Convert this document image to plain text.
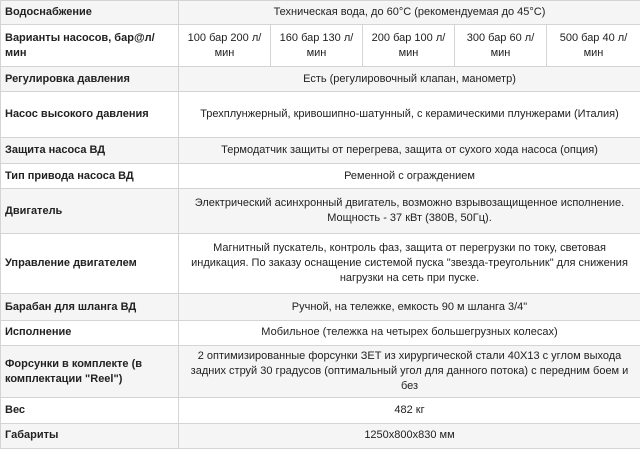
Водоснабжение	Техническая вода, до 60°С (рекомендуемая до 45°С)				
Варианты насосов, бар@л/мин	100 бар 200 л/мин	160 бар 130 л/мин	200 бар 100 л/мин	300 бар 60 л/мин	500 бар 40 л/мин
Регулировка давления	Есть (регулировочный клапан, манометр)				
Насос высокого давления	Трехплунжерный, кривошипно-шатунный, с керамическими плунжерами (Италия)				
Защита насоса ВД	Термодатчик защиты от перегрева, защита от сухого хода насоса (опция)				
Тип привода насоса ВД	Ременной с ограждением				
Двигатель	Электрический асинхронный двигатель, возможно взрывозащищенное исполнение. Мощность - 37 кВт (380В, 50Гц).				
Управление двигателем	Магнитный пускатель, контроль фаз, защита от перегрузки по току, световая индикация. По заказу оснащение системой пуска "звезда-треугольник" для снижения нагрузки на сеть при пуске.				
Барабан для шланга ВД	Ручной, на тележке, емкость 90 м шланга 3/4"				
Исполнение	Мобильное (тележка на четырех большегрузных колесах)				
Форсунки в комплекте (в комплектации "Reel")	2 оптимизированные форсунки ЗЕТ из хирургической стали 40Х13 с углом выхода задних струй 30 градусов (оптимальный угол для данного потока) с передним боем и без				
Вес	482 кг				
Габариты	1250х800х830 мм				
